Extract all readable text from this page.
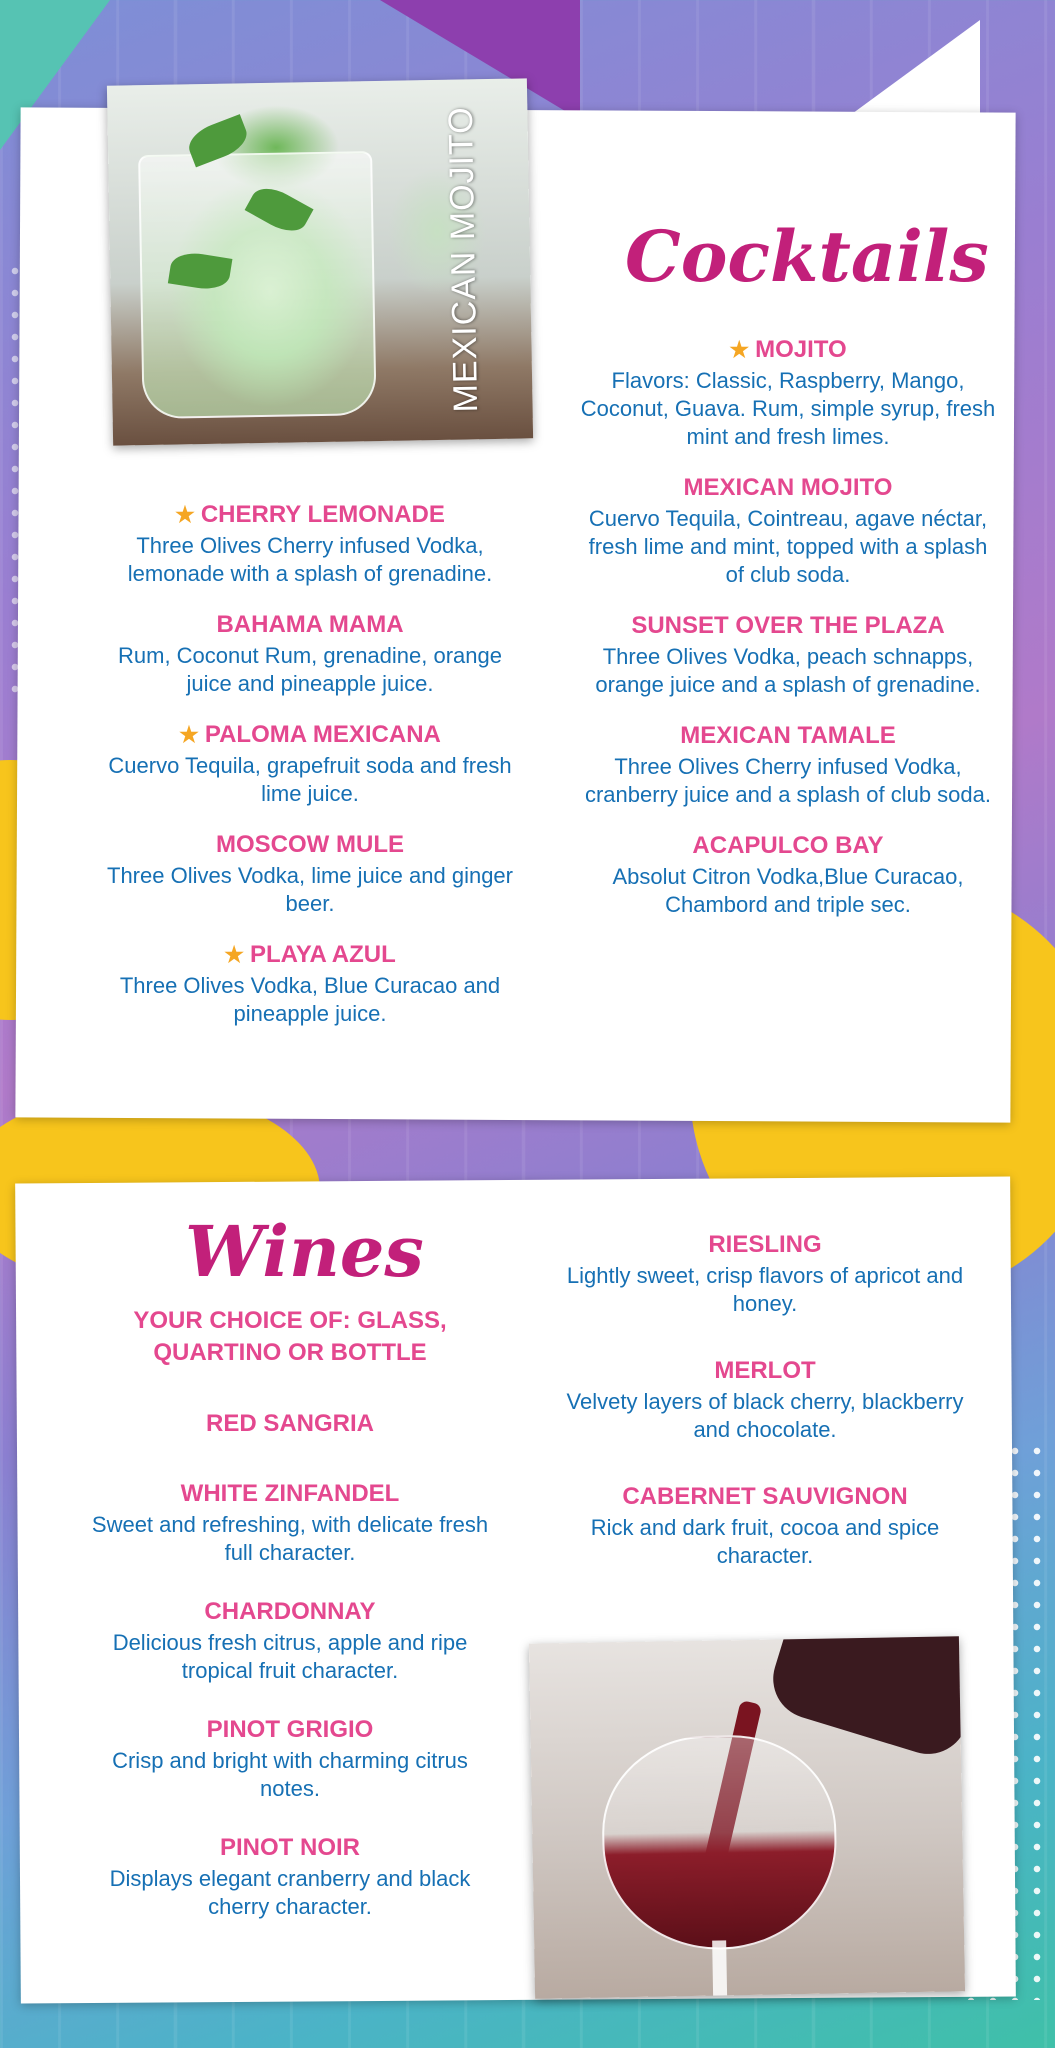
MEXICAN MOJITO Cocktails
★ CHERRY LEMONADE
Three Olives Cherry infused Vodka, lemonade with a splash of grenadine.
BAHAMA MAMA
Rum, Coconut Rum, grenadine, orange juice and pineapple juice.
★ PALOMA MEXICANA
Cuervo Tequila, grapefruit soda and fresh lime juice.
MOSCOW MULE
Three Olives Vodka, lime juice and ginger beer.
★ PLAYA AZUL
Three Olives Vodka, Blue Curacao and pineapple juice.
★ MOJITO
Flavors: Classic, Raspberry, Mango, Coconut, Guava. Rum, simple syrup, fresh mint and fresh limes.
MEXICAN MOJITO
Cuervo Tequila, Cointreau, agave néctar, fresh lime and mint, topped with a splash of club soda.
SUNSET OVER THE PLAZA
Three Olives Vodka, peach schnapps, orange juice and a splash of grenadine.
MEXICAN TAMALE
Three Olives Cherry infused Vodka, cranberry juice and a splash of club soda.
ACAPULCO BAY
Absolut Citron Vodka,Blue Curacao, Chambord and triple sec.
Wines
YOUR CHOICE OF: GLASS, QUARTINO OR BOTTLE
RED SANGRIA
WHITE ZINFANDEL
Sweet and refreshing, with delicate fresh full character.
CHARDONNAY
Delicious fresh citrus, apple and ripe tropical fruit character.
PINOT GRIGIO
Crisp and bright with charming citrus notes.
PINOT NOIR
Displays elegant cranberry and black cherry character.
RIESLING
Lightly sweet, crisp flavors of apricot and honey.
MERLOT
Velvety layers of black cherry, blackberry and chocolate.
CABERNET SAUVIGNON
Rick and dark fruit, cocoa and spice character.
